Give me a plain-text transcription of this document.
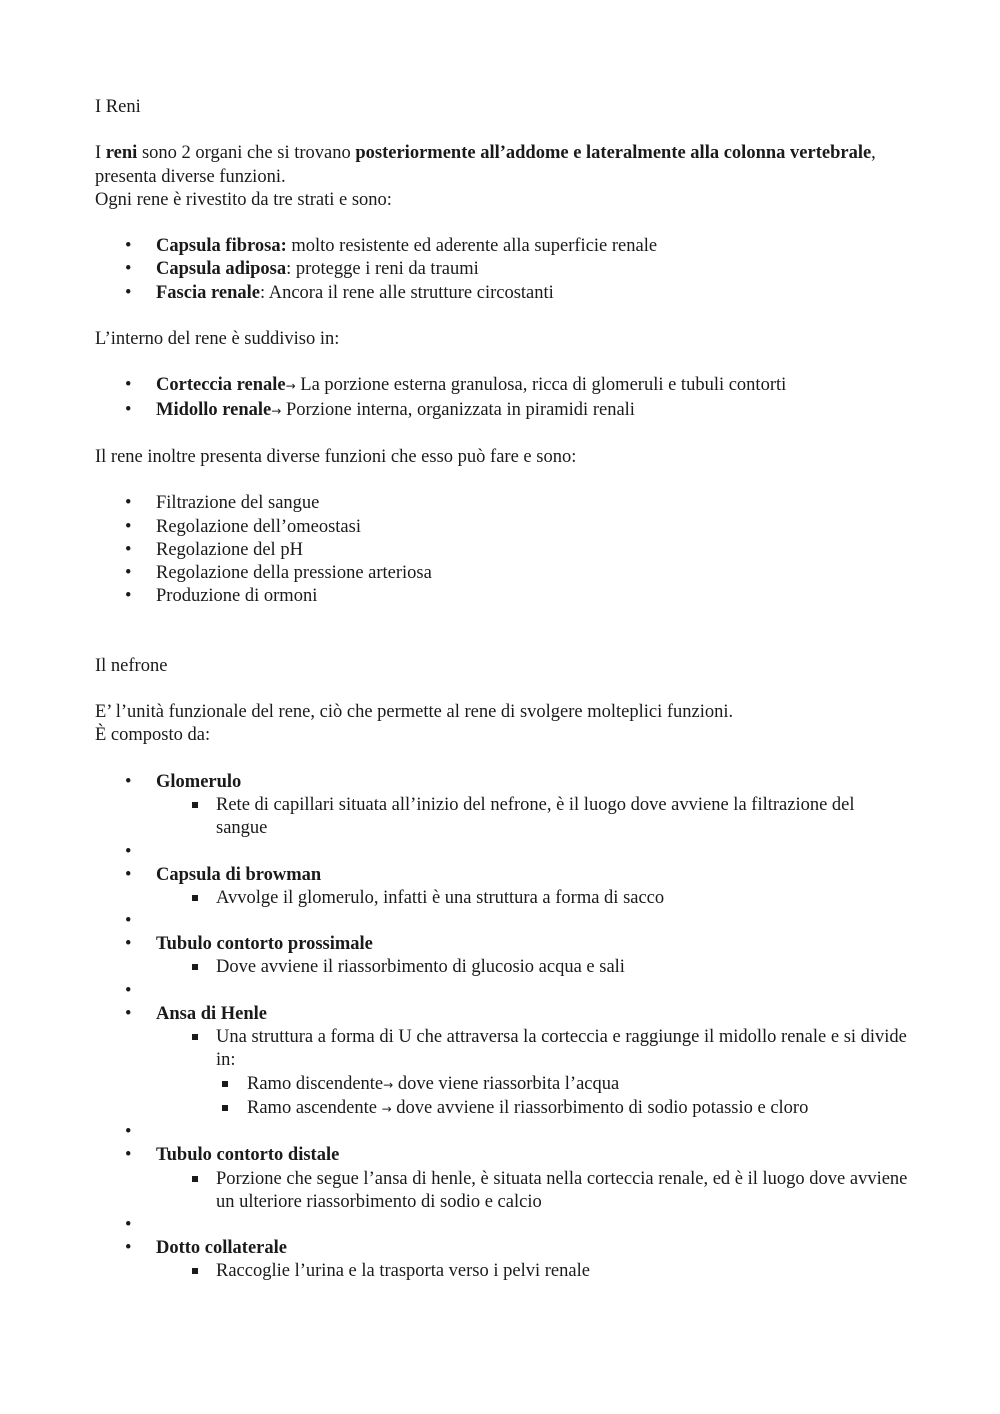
I Reni

I reni sono 2 organi che si trovano posteriormente all’addome e lateralmente alla colonna vertebrale, presenta diverse funzioni.

Ogni rene è rivestito da tre strati e sono:

• Capsula fibrosa: molto resistente ed aderente alla superficie renale
• Capsula adiposa: protegge i reni da traumi
• Fascia renale: Ancora il rene alle strutture circostanti

L’interno del rene è suddiviso in:

• Corteccia renale→ La porzione esterna granulosa, ricca di glomeruli e tubuli contorti
• Midollo renale→ Porzione interna, organizzata in piramidi renali

Il rene inoltre presenta diverse funzioni che esso può fare e sono:

• Filtrazione del sangue
• Regolazione dell’omeostasi
• Regolazione del pH
• Regolazione della pressione arteriosa
• Produzione di ormoni

Il nefrone

E’ l’unità funzionale del rene, ciò che permette al rene di svolgere molteplici funzioni.

È composto da:

• Glomerulo
Rete di capillari situata all’inizio del nefrone, è il luogo dove avviene la filtrazione del sangue
•
• Capsula di browman
Avvolge il glomerulo, infatti è una struttura a forma di sacco
•
• Tubulo contorto prossimale
Dove avviene il riassorbimento di glucosio acqua e sali
•
• Ansa di Henle
Una struttura a forma di U che attraversa la corteccia e raggiunge il midollo renale e si divide in:
Ramo discendente→ dove viene riassorbita l’acqua
Ramo ascendente → dove avviene il riassorbimento di sodio potassio e cloro
•
• Tubulo contorto distale
Porzione che segue l’ansa di henle, è situata nella corteccia renale, ed è il luogo dove avviene un ulteriore riassorbimento di sodio e calcio
•
• Dotto collaterale
Raccoglie l’urina e la trasporta verso i pelvi renale
